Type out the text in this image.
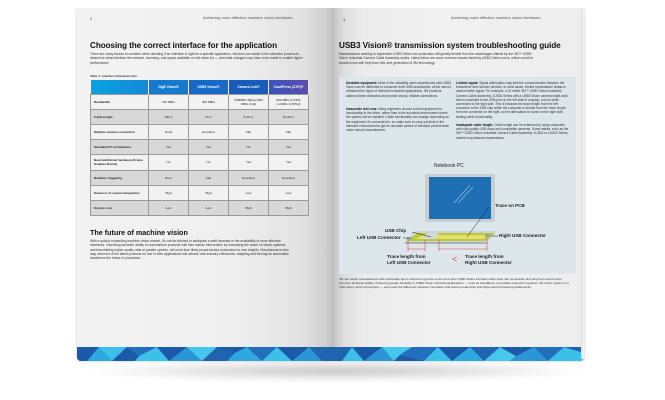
2	Achieving more effective machine vision interfaces
Choosing the correct interface for the application
There are many factors to consider when deciding if an interface is right for a specific application. Vendors can assist in the selection process to determine what interface the network, inventory, and space available on site allow for — and what changes may have to be made to enable higher performance.
Table 1: Interface Characteristics
	GigE Vision®	USB3 Vision®	Camera Link®	CoaXPress (CXP)®
Bandwidth	115 MB/s	400 MB/s	255MB/s (Base) 680 MB/s (Full)	600 MB/s (CXP6) 1.2GB/s (CXP12)
Cable length	100 m	10 m	8-10 m	10-20 m
Multiple camera connection	Good	Excellent	Fair	Fair
Standard PC architecture	Yes	Yes	No	Yes
Need additional hardware (Frame Grabber Board)	No	No	Yes	Yes
Realtime triggering	Poor	Fair	Excellent	Excellent
Easiness of system integration	High	High	Low	Low
System cost	Low	Low	High	High
The future of machine vision
With a quickly expanding machine vision market, it's not far-fetched to anticipate a swift increase in the availability of more effective interfaces. Improving factories' ability to manufacture products with less human intervention by increasing the reach of robotic systems and transmitting higher quality data at greater speeds, will more than likely propel factory automation to new heights. Manufacturers who stay informed of the latest products for use in their applications will witness new industry milestones, adapting and thriving as automation transforms the future of production.
3	Achieving more effective machine vision interfaces
USB3 Vision® transmission system troubleshooting guide
Manufacturers seeking to implement USB3 Vision into production will greatly benefit from the advantages offered by the 3M™ USB3 Vision Industrial Camera Cable Assembly series. Listed below are some common issues faced by USB3 Vision users, which could be avoided now with help from this next generation of 3M technology.
Unstable equipment: Most of the instability users experienced with USB3 Vision can be attributed to consumer level USB accessories, which cannot withstand the rigors of intensive industrial applications. 3M products address these obstacles and provide sturdy, reliable connections.
Inaccurate test runs: Many engineers choose to test equipment for functionality in the office, rather than in the industrial environment where the system will be installed. Cable functionality can change depending on the equipment it's connected to, so make sure to carry out tests in the intended environment to get an accurate picture of interface performance under actual circumstances.
Limited signal: Signal attenuation may limit the communication between the transceiver and receiver devices. In most cases, limited transmission distance means better signal. For example, a 10 meter 3M™ USB3 Vision Industrial Camera Cable Assembly, 1U30A Series with a USB3 Vision camera might work when connected to the USB port on the left side of a laptop, but not when connected to the right side. This is because the trace length from the left connector to the USB chip within the computer is shorter than the trace length from the connector on the right, so the attenuation is worse on the right side, limiting cable functionality.
Inadequate cable length: Cable length can be extended by using computers with high quality USB chips and compatible cameras. Some cables, such as the 3M™ USB3 Vision Industrial Camera Cable Assembly, 1U30A or 1U30S Series, enable long distance transmission.
Notebook PC
Trace on PCB
USB Chip
Left USB Connector	Right USB Connector
Trace length from
Left USB Connector < Trace length from
Right USB Connector
3M can assist manufacturers with actionable tips to help them get the most out of their USB3 Vision interface within their site constraints and help them avoid some common technical pitfalls. Achieving greater flexibility in USB3 Vision industrial applications — such as standalone or portable inspection systems, 3D vision systems on robot arms, and microscopes — can mean the difference between innovation that drives productivity and helps avoid processing bottlenecks.
